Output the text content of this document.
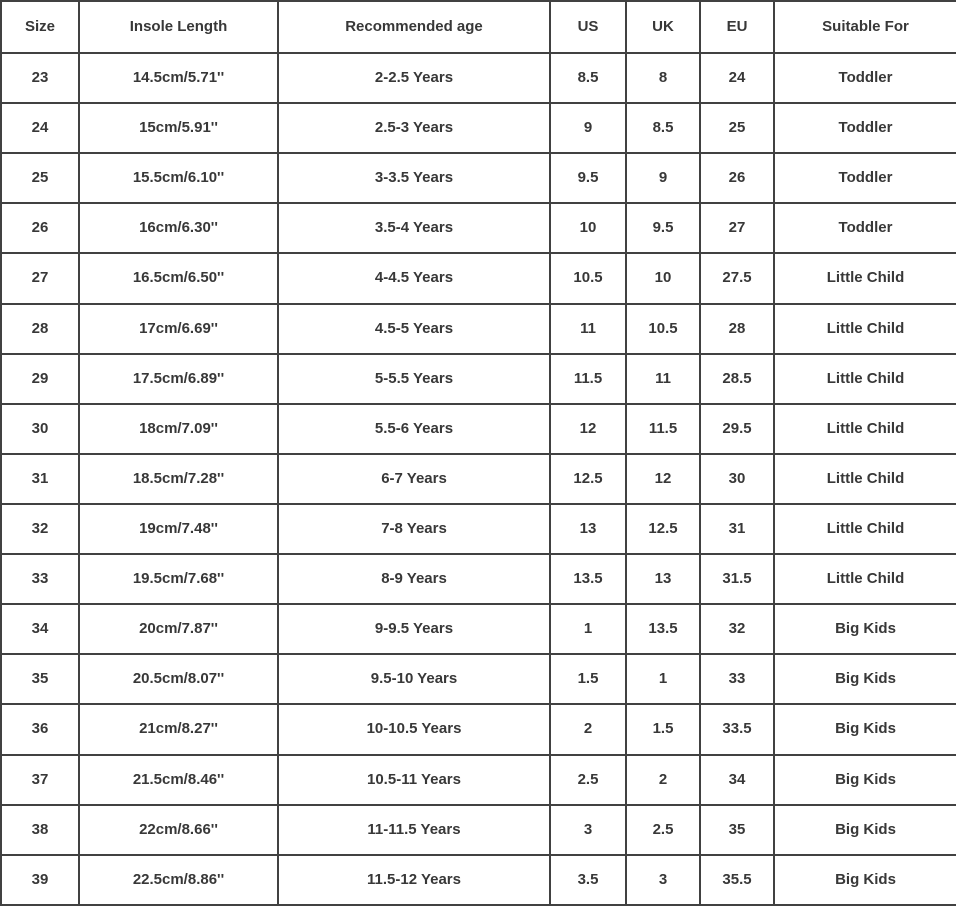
Size	Insole Length	Recommended age	US	UK	EU	Suitable For
23	14.5cm/5.71''	2-2.5 Years	8.5	8	24	Toddler
24	15cm/5.91''	2.5-3 Years	9	8.5	25	Toddler
25	15.5cm/6.10''	3-3.5 Years	9.5	9	26	Toddler
26	16cm/6.30''	3.5-4 Years	10	9.5	27	Toddler
27	16.5cm/6.50''	4-4.5 Years	10.5	10	27.5	Little Child
28	17cm/6.69''	4.5-5 Years	11	10.5	28	Little Child
29	17.5cm/6.89''	5-5.5 Years	11.5	11	28.5	Little Child
30	18cm/7.09''	5.5-6 Years	12	11.5	29.5	Little Child
31	18.5cm/7.28''	6-7 Years	12.5	12	30	Little Child
32	19cm/7.48''	7-8 Years	13	12.5	31	Little Child
33	19.5cm/7.68''	8-9 Years	13.5	13	31.5	Little Child
34	20cm/7.87''	9-9.5 Years	1	13.5	32	Big Kids
35	20.5cm/8.07''	9.5-10 Years	1.5	1	33	Big Kids
36	21cm/8.27''	10-10.5 Years	2	1.5	33.5	Big Kids
37	21.5cm/8.46''	10.5-11 Years	2.5	2	34	Big Kids
38	22cm/8.66''	11-11.5 Years	3	2.5	35	Big Kids
39	22.5cm/8.86''	11.5-12 Years	3.5	3	35.5	Big Kids
